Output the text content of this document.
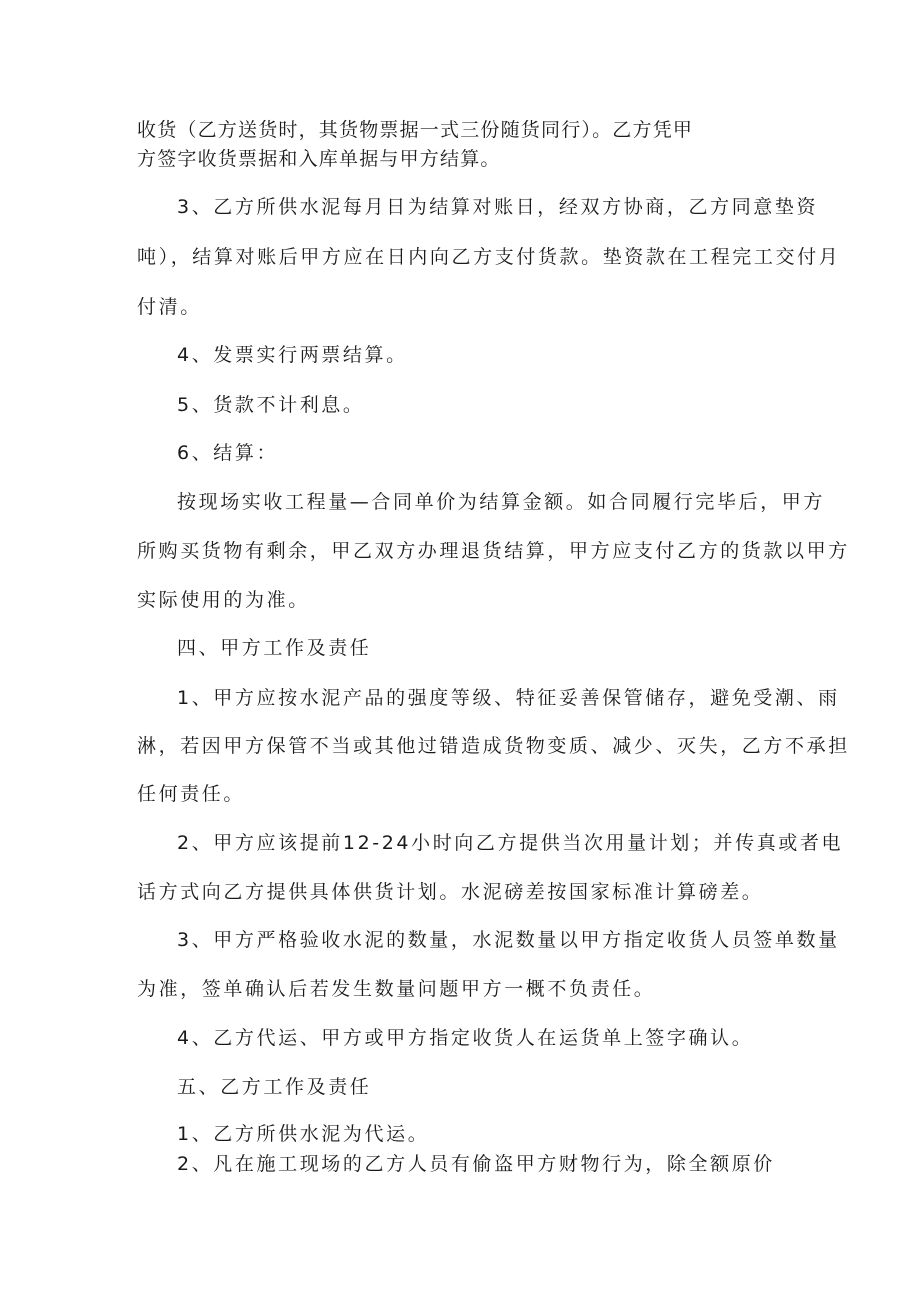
收货（乙方送货时，其货物票据一式三份随货同行）。乙方凭甲
方签字收货票据和入库单据与甲方结算。
3、乙方所供水泥每月日为结算对账日，经双方协商，乙方同意垫资
吨），结算对账后甲方应在日内向乙方支付货款。垫资款在工程完工交付月
付清。
4、发票实行两票结算。
5、货款不计利息。
6、结算：
按现场实收工程量—合同单价为结算金额。如合同履行完毕后，甲方
所购买货物有剩余，甲乙双方办理退货结算，甲方应支付乙方的货款以甲方
实际使用的为准。
四、甲方工作及责任
1、甲方应按水泥产品的强度等级、特征妥善保管储存，避免受潮、雨
淋，若因甲方保管不当或其他过错造成货物变质、减少、灭失，乙方不承担
任何责任。
2、甲方应该提前12-24小时向乙方提供当次用量计划；并传真或者电
话方式向乙方提供具体供货计划。水泥磅差按国家标准计算磅差。
3、甲方严格验收水泥的数量，水泥数量以甲方指定收货人员签单数量
为准，签单确认后若发生数量问题甲方一概不负责任。
4、乙方代运、甲方或甲方指定收货人在运货单上签字确认。
五、乙方工作及责任
1、乙方所供水泥为代运。
2、凡在施工现场的乙方人员有偷盗甲方财物行为，除全额原价
